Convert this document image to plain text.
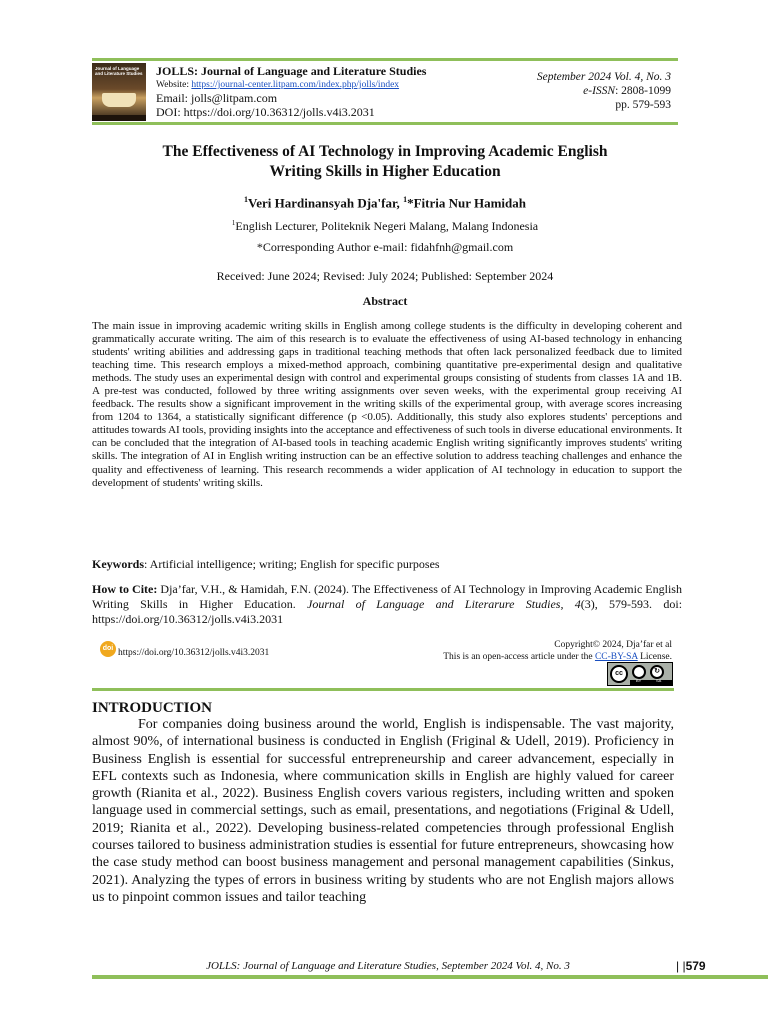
Journal of Language and Literature Studies JOLLS: Journal of Language and Literature Studies
Website: https://journal-center.litpam.com/index.php/jolls/index
Email: jolls@litpam.com
DOI: https://doi.org/10.36312/jolls.v4i3.2031
September 2024 Vol. 4, No. 3
e-ISSN: 2808-1099
pp. 579-593
The Effectiveness of AI Technology in Improving Academic English
Writing Skills in Higher Education
$^1$Veri Hardinansyah Dja'far, $^1$*Fitria Nur Hamidah
$^1$English Lecturer, Politeknik Negeri Malang, Malang Indonesia
*Corresponding Author e-mail: fidahfnh@gmail.com
Received: June 2024; Revised: July 2024; Published: September 2024
Abstract
The main issue in improving academic writing skills in English among college students is the difficulty in developing coherent and grammatically accurate writing. The aim of this research is to evaluate the effectiveness of using AI-based technology in enhancing students' writing abilities and addressing gaps in traditional teaching methods that often lack personalized feedback due to limited teaching time. This research employs a mixed-method approach, combining quantitative pre-experimental design and qualitative methods. The study uses an experimental design with control and experimental groups consisting of students from classes 1A and 1B. A pre-test was conducted, followed by three writing assignments over seven weeks, with the experimental group receiving AI feedback. The results show a significant improvement in the writing skills of the experimental group, with average scores increasing from 1204 to 1364, a statistically significant difference (p <0.05). Additionally, this study also explores students' perceptions and attitudes towards AI tools, providing insights into the acceptance and effectiveness of such tools in diverse educational environments. It can be concluded that the integration of AI-based tools in teaching academic English writing significantly improves students' writing skills. The integration of AI in English writing instruction can be an effective solution to address teaching challenges and enhance the quality and effectiveness of learning. This research recommends a wider application of AI technology in education to support the development of students' writing skills.
Keywords: Artificial intelligence; writing; English for specific purposes
How to Cite: Dja’far, V.H., & Hamidah, F.N. (2024). The Effectiveness of AI Technology in Improving Academic English Writing Skills in Higher Education. Journal of Language and Literarure Studies, 4(3), 579-593. doi: https://doi.org/10.36312/jolls.v4i3.2031
doi https://doi.org/10.36312/jolls.v4i3.2031
Copyright© 2024, Dja’far et al
This is an open-access article under the CC-BY-SA License.
cc	↻
BY	SA
INTRODUCTION
For companies doing business around the world, English is indispensable. The vast majority, almost 90%, of international business is conducted in English (Friginal & Udell, 2019). Proficiency in Business English is essential for successful entrepreneurship and career advancement, especially in EFL contexts such as Indonesia, where communication skills in English are highly valued for career growth (Rianita et al., 2022). Business English covers various registers, including written and spoken language used in commercial settings, such as email, presentations, and negotiations (Friginal & Udell, 2019; Rianita et al., 2022). Developing business-related competencies through professional English courses tailored to business administration studies is essential for future entrepreneurs, showcasing how the case study method can boost business management and personal management capabilities (Sinkus, 2021). Analyzing the types of errors in business writing by students who are not English majors allows us to pinpoint common issues and tailor teaching
JOLLS: Journal of Language and Literature Studies, September 2024 Vol. 4, No. 3	| |579
